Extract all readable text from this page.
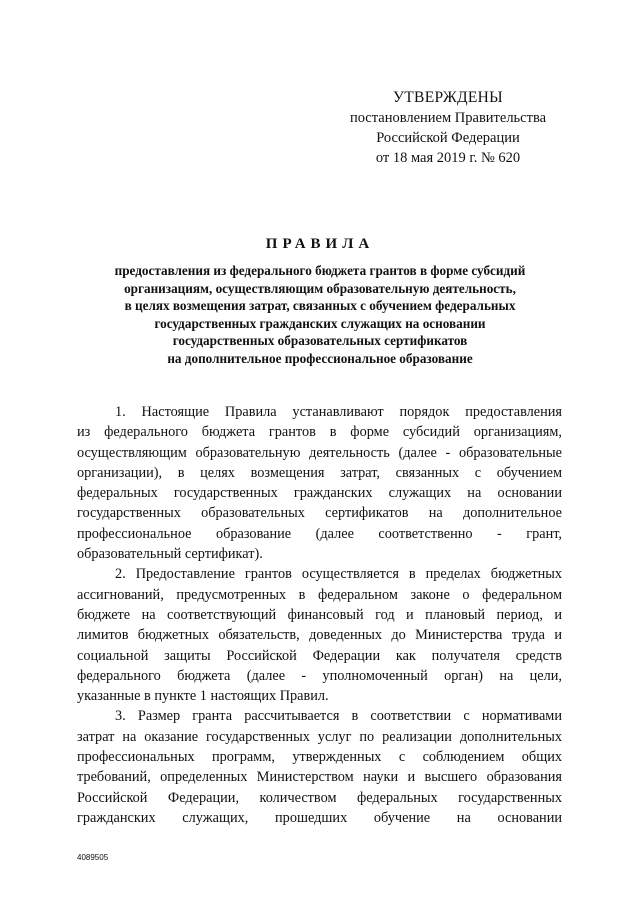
УТВЕРЖДЕНЫ
постановлением Правительства
Российской Федерации
от 18 мая 2019 г. № 620
ПРАВИЛА
предоставления из федерального бюджета грантов в форме субсидий
организациям, осуществляющим образовательную деятельность,
в целях возмещения затрат, связанных с обучением федеральных
государственных гражданских служащих на основании
государственных образовательных сертификатов
на дополнительное профессиональное образование
1. Настоящие Правила устанавливают порядок предоставления
из федерального бюджета грантов в форме субсидий организациям,
осуществляющим образовательную деятельность (далее - образовательные
организации), в целях возмещения затрат, связанных с обучением
федеральных государственных гражданских служащих на основании
государственных образовательных сертификатов на дополнительное
профессиональное образование (далее соответственно - грант,
образовательный сертификат).
2. Предоставление грантов осуществляется в пределах бюджетных
ассигнований, предусмотренных в федеральном законе о федеральном
бюджете на соответствующий финансовый год и плановый период, и
лимитов бюджетных обязательств, доведенных до Министерства труда и
социальной защиты Российской Федерации как получателя средств
федерального бюджета (далее - уполномоченный орган) на цели,
указанные в пункте 1 настоящих Правил.
3. Размер гранта рассчитывается в соответствии с нормативами
затрат на оказание государственных услуг по реализации дополнительных
профессиональных программ, утвержденных с соблюдением общих
требований, определенных Министерством науки и высшего образования
Российской Федерации, количеством федеральных государственных
гражданских служащих, прошедших обучение на основании
4089505
